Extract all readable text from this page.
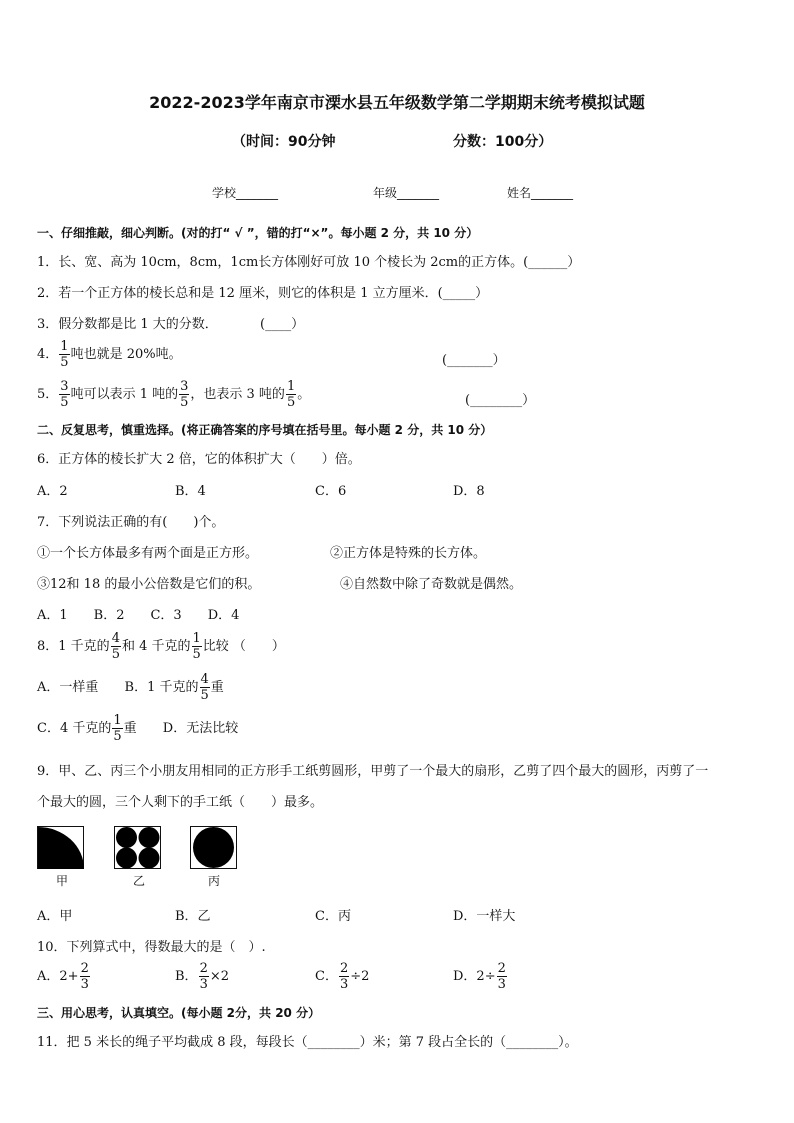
2022-2023学年南京市溧水县五年级数学第二学期期末统考模拟试题
（时间：90分钟	分数：100分）
学校_______	年级_______	姓名_______
一、仔细推敲，细心判断。(对的打“ √ ”，错的打“×”。每小题 2 分，共 10 分）
1．长、宽、高为 10cm，8cm，1cm长方体刚好可放 10 个棱长为 2cm的正方体。(______）
2．若一个正方体的棱长总和是 12 厘米，则它的体积是 1 立方厘米．(_____）
3．假分数都是比 1 大的分数．	(____）
4． $\frac{1}{5}$ 吨也就是 20%吨。	(_______）
5． $\frac{3}{5}$ 吨可以表示 1 吨的 $\frac{3}{5}$ ，也表示 3 吨的 $\frac{1}{5}$ 。	(________）
二、反复思考，慎重选择。(将正确答案的序号填在括号里。每小题 2 分，共 10 分）
6．正方体的棱长扩大 2 倍，它的体积扩大（　　）倍。
A．2	B．4	C．6	D．8
7．下列说法正确的有(　　)个。
①一个长方体最多有两个面是正方形。	②正方体是特殊的长方体。
③12和 18 的最小公倍数是它们的积。	④自然数中除了奇数就是偶然。
A．1　　B．2　　C．3　　D．4
8．1 千克的 $\frac{4}{5}$ 和 4 千克的 $\frac{1}{5}$ 比较 （　　）
A．一样重 B．1 千克的 $\frac{4}{5}$ 重
C．4 千克的 $\frac{1}{5}$ 重 D．无法比较
9．甲、乙、丙三个小朋友用相同的正方形手工纸剪圆形，甲剪了一个最大的扇形，乙剪了四个最大的圆形，丙剪了一
个最大的圆，三个人剩下的手工纸（　　）最多。
甲	乙	丙
A．甲	B．乙	C．丙	D．一样大
10．下列算式中，得数最大的是（　）.
A．$2+ \frac{2}{3}$	B． $\frac{2}{3} \times 2$	C． $\frac{2}{3} \div 2$	D．$2\div \frac{2}{3}$
三、用心思考，认真填空。(每小题 2分，共 20 分）
11．把 5 米长的绳子平均截成 8 段，每段长（________）米；第 7 段占全长的（________）。
